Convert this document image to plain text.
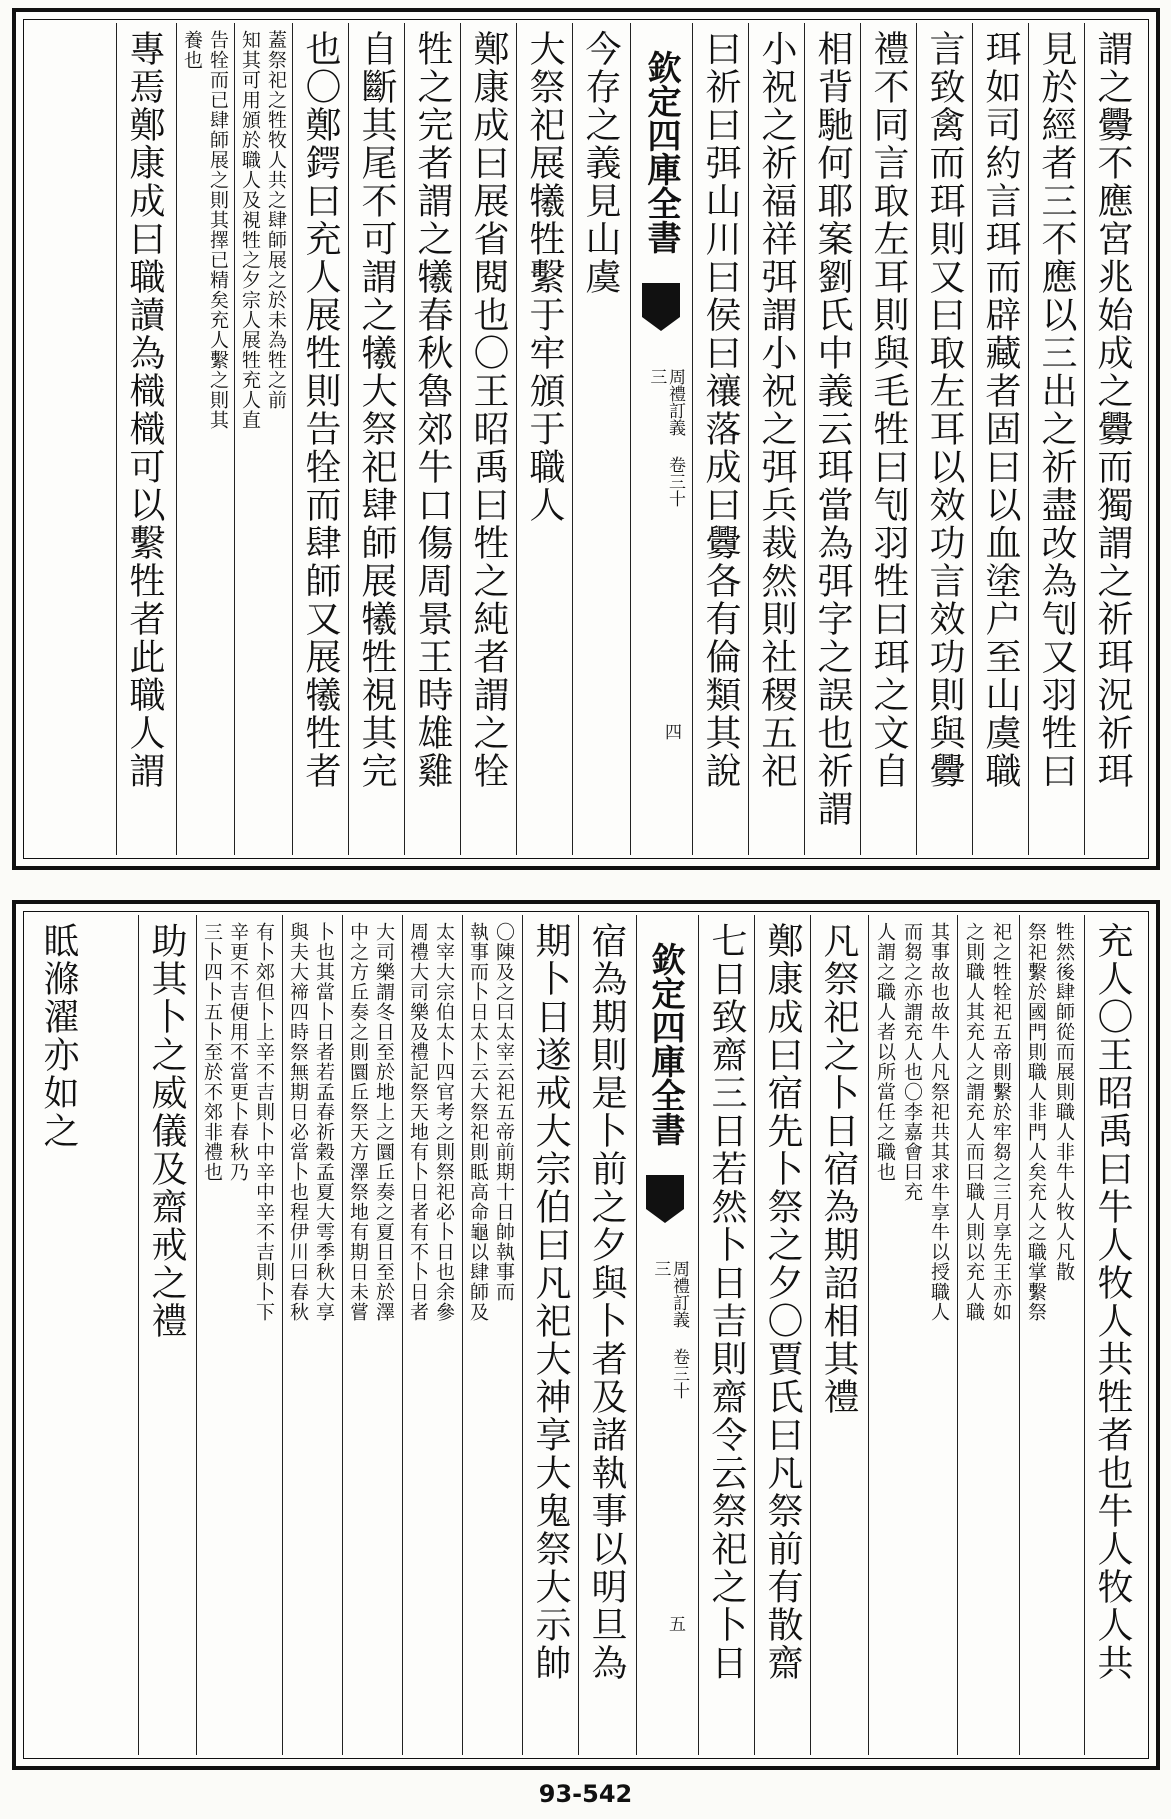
謂之釁不應宮兆始成之釁而獨謂之祈珥況祈珥
見於經者三不應以三出之祈盡改為刏又羽牲曰
珥如司約言珥而辟藏者固曰以血塗户至山虞職
言致禽而珥則又曰取左耳以效功言效功則與釁
禮不同言取左耳則與毛牲曰刏羽牲曰珥之文自
相背馳何耶案劉氏中義云珥當為弭字之誤也祈謂
小祝之祈福祥弭謂小祝之弭兵裁然則社稷五祀
曰祈曰弭山川曰侯曰禳落成曰釁各有倫類其說
欽定四庫全書
周禮訂義 卷三十三
四
今存之義見山虞
大祭祀展犧牲繫于牢頒于職人
鄭康成曰展省閱也〇王昭禹曰牲之純者謂之牷
牲之完者謂之犧春秋魯郊牛口傷周景王時雄雞
自斷其尾不可謂之犧大祭祀肆師展犧牲視其完
也〇鄭鍔曰充人展牲則告牷而肆師又展犧牲者
蓋祭祀之牲牧人共之肆師展之於未為牲之前
知其可用頒於職人及視牲之夕宗人展牲充人直
告牷而已肆師展之則其擇已精矣充人繫之則其
養也
專焉鄭康成曰職讀為樴樴可以繫牲者此職人謂
充人〇王昭禹曰牛人牧人共牲者也牛人牧人共
牲然後肆師從而展則職人非牛人牧人凡散
祭祀繫於國門則職人非門人矣充人之職掌繫祭
祀之牲牷祀五帝則繫於牢芻之三月享先王亦如
之則職人其充人之謂充人而曰職人則以充人職
其事故也故牛人凡祭祀共其求牛享牛以授職人
而芻之亦謂充人也〇李嘉會曰充
人謂之職人者以所當任之職也
凡祭祀之卜日宿為期詔相其禮
鄭康成曰宿先卜祭之夕〇賈氏曰凡祭前有散齋
七日致齋三日若然卜日吉則齋令云祭祀之卜日
欽定四庫全書
周禮訂義 卷三十三
五
宿為期則是卜前之夕與卜者及諸執事以明旦為
期卜日遂戒大宗伯曰凡祀大神享大鬼祭大示帥
〇陳及之曰太宰云祀五帝前期十日帥執事而
執事而卜日太卜云大祭祀則眡高命龜以肆師及
太宰大宗伯太卜四官考之則祭祀必卜日也余參
周禮大司樂及禮記祭天地有卜日者有不卜日者
大司樂謂冬日至於地上之圜丘奏之夏日至於澤
中之方丘奏之則圜丘祭天方澤祭地有期日未嘗
卜也其當卜日者若孟春祈穀孟夏大雩季秋大享
與夫大禘四時祭無期日必當卜也程伊川曰春秋
有卜郊但卜上辛不吉則卜中辛中辛不吉則卜下
辛更不吉便用不當更卜春秋乃
三卜四卜五卜至於不郊非禮也
助其卜之威儀及齋戒之禮
眡滌濯亦如之
93-542
